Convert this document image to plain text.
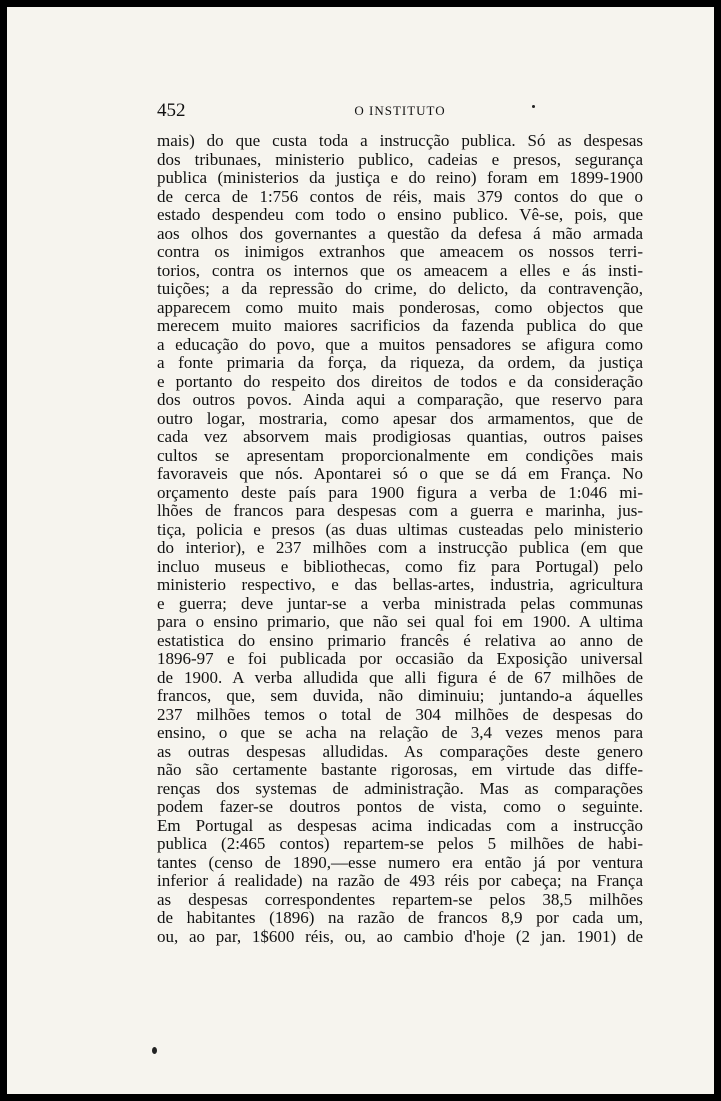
452	O INSTITUTO
mais) do que custa toda a instrucção publica. Só as despesas
dos tribunaes, ministerio publico, cadeias e presos, segurança
publica (ministerios da justiça e do reino) foram em 1899-1900
de cerca de 1:756 contos de réis, mais 379 contos do que o
estado despendeu com todo o ensino publico. Vê-se, pois, que
aos olhos dos governantes a questão da defesa á mão armada
contra os inimigos extranhos que ameacem os nossos terri-
torios, contra os internos que os ameacem a elles e ás insti-
tuições; a da repressão do crime, do delicto, da contravenção,
apparecem como muito mais ponderosas, como objectos que
merecem muito maiores sacrificios da fazenda publica do que
a educação do povo, que a muitos pensadores se afigura como
a fonte primaria da força, da riqueza, da ordem, da justiça
e portanto do respeito dos direitos de todos e da consideração
dos outros povos. Ainda aqui a comparação, que reservo para
outro logar, mostraria, como apesar dos armamentos, que de
cada vez absorvem mais prodigiosas quantias, outros paises
cultos se apresentam proporcionalmente em condições mais
favoraveis que nós. Apontarei só o que se dá em França. No
orçamento deste país para 1900 figura a verba de 1:046 mi-
lhões de francos para despesas com a guerra e marinha, jus-
tiça, policia e presos (as duas ultimas custeadas pelo ministerio
do interior), e 237 milhões com a instrucção publica (em que
incluo museus e bibliothecas, como fiz para Portugal) pelo
ministerio respectivo, e das bellas-artes, industria, agricultura
e guerra; deve juntar-se a verba ministrada pelas communas
para o ensino primario, que não sei qual foi em 1900. A ultima
estatistica do ensino primario francês é relativa ao anno de
1896-97 e foi publicada por occasião da Exposição universal
de 1900. A verba alludida que alli figura é de 67 milhões de
francos, que, sem duvida, não diminuiu; juntando-a áquelles
237 milhões temos o total de 304 milhões de despesas do
ensino, o que se acha na relação de 3,4 vezes menos para
as outras despesas alludidas. As comparações deste genero
não são certamente bastante rigorosas, em virtude das diffe-
renças dos systemas de administração. Mas as comparações
podem fazer-se doutros pontos de vista, como o seguinte.
Em Portugal as despesas acima indicadas com a instrucção
publica (2:465 contos) repartem-se pelos 5 milhões de habi-
tantes (censo de 1890,—esse numero era então já por ventura
inferior á realidade) na razão de 493 réis por cabeça; na França
as despesas correspondentes repartem-se pelos 38,5 milhões
de habitantes (1896) na razão de francos 8,9 por cada um,
ou, ao par, 1$600 réis, ou, ao cambio d'hoje (2 jan. 1901) de
